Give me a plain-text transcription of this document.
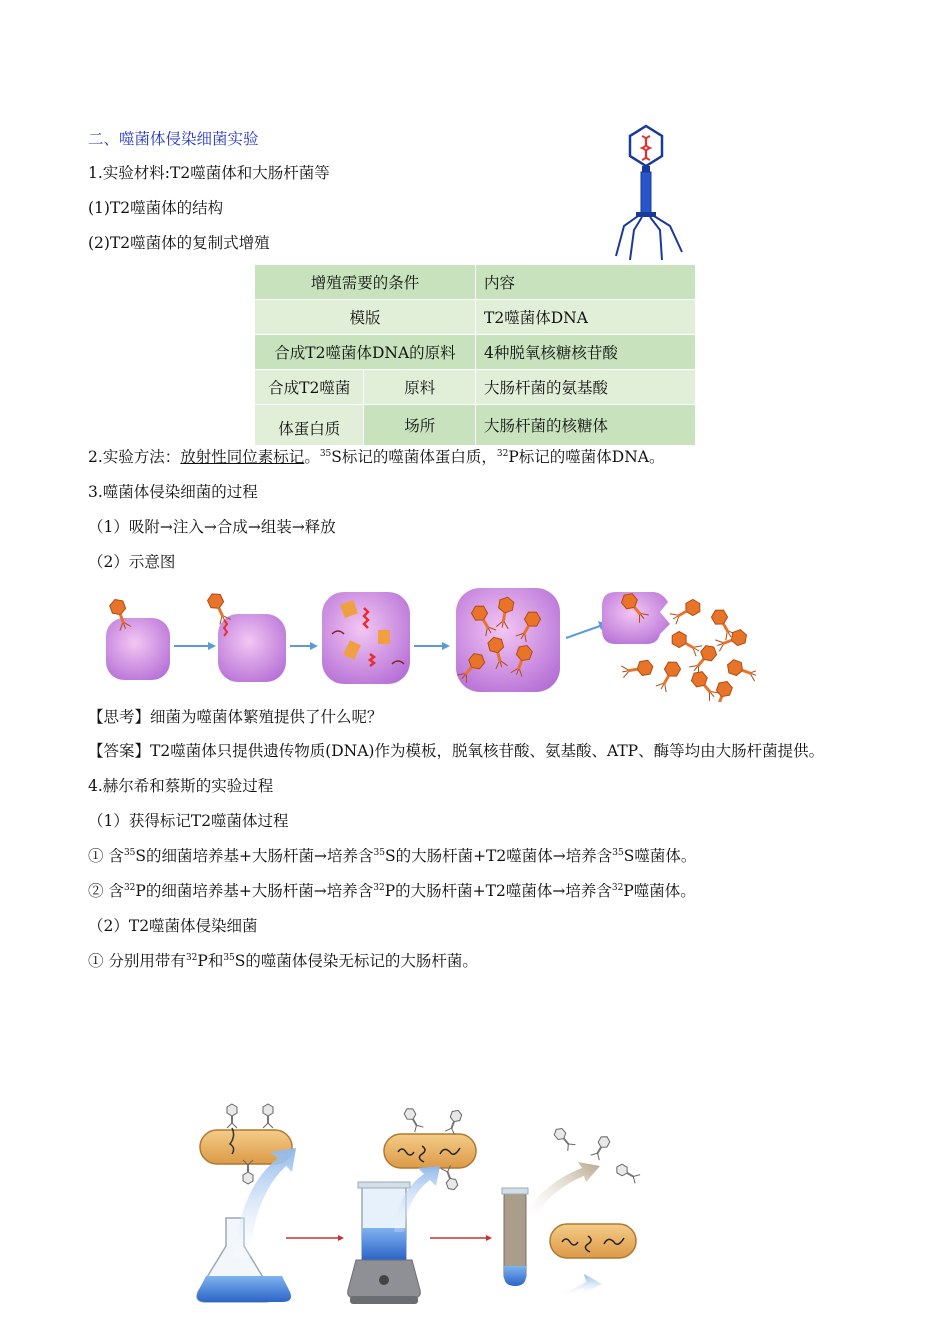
二、噬菌体侵染细菌实验
1.实验材料:T2噬菌体和大肠杆菌等
(1)T2噬菌体的结构
(2)T2噬菌体的复制式增殖
增殖需要的条件		内容
模版		T2噬菌体DNA
合成T2噬菌体DNA的原料		4种脱氧核糖核苷酸
合成T2噬菌	原料	大肠杆菌的氨基酸
体蛋白质	场所	大肠杆菌的核糖体
2.实验方法：放射性同位素标记。$^{35}$S标记的噬菌体蛋白质，$^{32}$P标记的噬菌体DNA。
3.噬菌体侵染细菌的过程
（1）吸附→注入→合成→组装→释放
（2）示意图
【思考】细菌为噬菌体繁殖提供了什么呢？
【答案】T2噬菌体只提供遗传物质(DNA)作为模板，脱氧核苷酸、氨基酸、ATP、酶等均由大肠杆菌提供。
4.赫尔希和蔡斯的实验过程
（1）获得标记T2噬菌体过程
① 含$^{35}$S的细菌培养基+大肠杆菌→培养含$^{35}$S的大肠杆菌+T2噬菌体→培养含$^{35}$S噬菌体。
② 含$^{32}$P的细菌培养基+大肠杆菌→培养含$^{32}$P的大肠杆菌+T2噬菌体→培养含$^{32}$P噬菌体。
（2）T2噬菌体侵染细菌
① 分别用带有$^{32}$P和$^{35}$S的噬菌体侵染无标记的大肠杆菌。
